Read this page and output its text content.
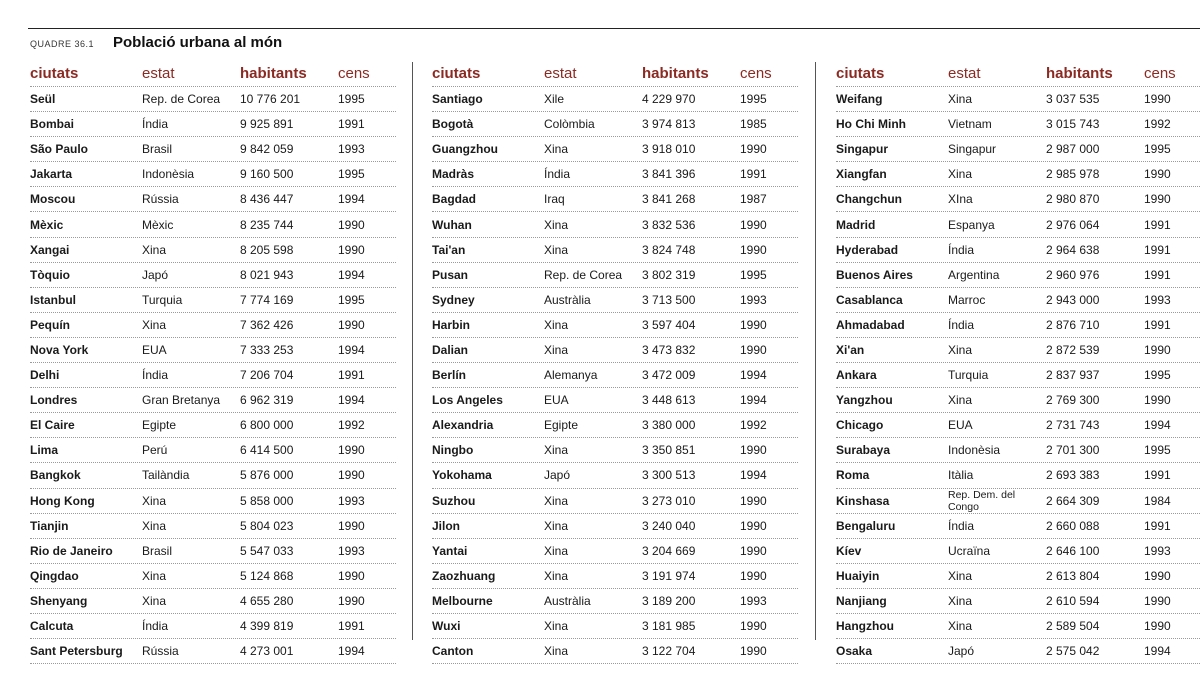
QUADRE 36.1	Població urbana al món
ciutats	estat	habitants	cens
Seül	Rep. de Corea	10 776 201	1995
Bombai	Índia	9 925 891	1991
São Paulo	Brasil	9 842 059	1993
Jakarta	Indonèsia	9 160 500	1995
Moscou	Rússia	8 436 447	1994
Mèxic	Mèxic	8 235 744	1990
Xangai	Xina	8 205 598	1990
Tòquio	Japó	8 021 943	1994
Istanbul	Turquia	7 774 169	1995
Pequín	Xina	7 362 426	1990
Nova York	EUA	7 333 253	1994
Delhi	Índia	7 206 704	1991
Londres	Gran Bretanya	6 962 319	1994
El Caire	Egipte	6 800 000	1992
Lima	Perú	6 414 500	1990
Bangkok	Tailàndia	5 876 000	1990
Hong Kong	Xina	5 858 000	1993
Tianjin	Xina	5 804 023	1990
Rio de Janeiro	Brasil	5 547 033	1993
Qingdao	Xina	5 124 868	1990
Shenyang	Xina	4 655 280	1990
Calcuta	Índia	4 399 819	1991
Sant Petersburg	Rússia	4 273 001	1994
ciutats	estat	habitants	cens
Santiago	Xile	4 229 970	1995
Bogotà	Colòmbia	3 974 813	1985
Guangzhou	Xina	3 918 010	1990
Madràs	Índia	3 841 396	1991
Bagdad	Iraq	3 841 268	1987
Wuhan	Xina	3 832 536	1990
Tai'an	Xina	3 824 748	1990
Pusan	Rep. de Corea	3 802 319	1995
Sydney	Austràlia	3 713 500	1993
Harbin	Xina	3 597 404	1990
Dalian	Xina	3 473 832	1990
Berlín	Alemanya	3 472 009	1994
Los Angeles	EUA	3 448 613	1994
Alexandria	Egipte	3 380 000	1992
Ningbo	Xina	3 350 851	1990
Yokohama	Japó	3 300 513	1994
Suzhou	Xina	3 273 010	1990
Jilon	Xina	3 240 040	1990
Yantai	Xina	3 204 669	1990
Zaozhuang	Xina	3 191 974	1990
Melbourne	Austràlia	3 189 200	1993
Wuxi	Xina	3 181 985	1990
Canton	Xina	3 122 704	1990
ciutats	estat	habitants	cens
Weifang	Xina	3 037 535	1990
Ho Chi Minh	Vietnam	3 015 743	1992
Singapur	Singapur	2 987 000	1995
Xiangfan	Xina	2 985 978	1990
Changchun	XIna	2 980 870	1990
Madrid	Espanya	2 976 064	1991
Hyderabad	Índia	2 964 638	1991
Buenos Aires	Argentina	2 960 976	1991
Casablanca	Marroc	2 943 000	1993
Ahmadabad	Índia	2 876 710	1991
Xi'an	Xina	2 872 539	1990
Ankara	Turquia	2 837 937	1995
Yangzhou	Xina	2 769 300	1990
Chicago	EUA	2 731 743	1994
Surabaya	Indonèsia	2 701 300	1995
Roma	Itàlia	2 693 383	1991
Kinshasa	Rep. Dem. del Congo	2 664 309	1984
Bengaluru	Índia	2 660 088	1991
Kíev	Ucraïna	2 646 100	1993
Huaiyin	Xina	2 613 804	1990
Nanjiang	Xina	2 610 594	1990
Hangzhou	Xina	2 589 504	1990
Osaka	Japó	2 575 042	1994
